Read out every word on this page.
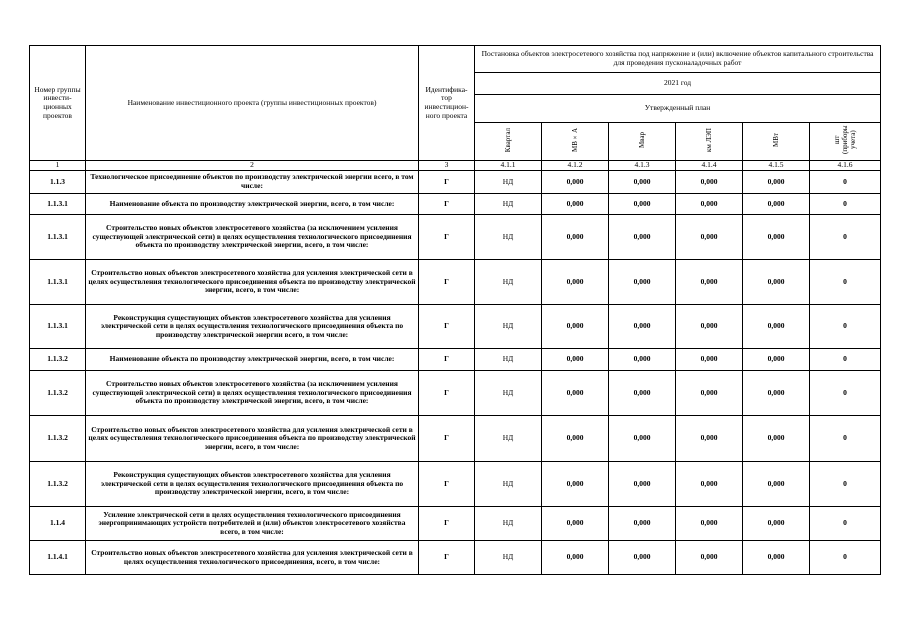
Номер группы инвести-ционных проектов	Наименование инвестиционного проекта (группы инвестиционных проектов)	Идентифика-тор инвестицион-ного проекта	Постановка объектов электросетевого хозяйства под напряжение и (или) включение объектов капитального строительства для проведения пусконаладочных работ					
			2021 год					
			Утвержденный план					
			Квартал	МВ×А	Мвар	км ЛЭП	МВт	шт (приборы учета)
1	2	3	4.1.1	4.1.2	4.1.3	4.1.4	4.1.5	4.1.6
1.1.3	Технологическое присоединение объектов по производству электрической энергии всего, в том числе:	Г	НД	0,000	0,000	0,000	0,000	0
1.1.3.1	Наименование объекта по производству электрической энергии, всего, в том числе:	Г	НД	0,000	0,000	0,000	0,000	0
1.1.3.1	Строительство новых объектов электросетевого хозяйства (за исключением усиления существующей электрической сети) в целях осуществления технологического присоединения объекта по производству электрической энергии, всего, в том числе:	Г	НД	0,000	0,000	0,000	0,000	0
1.1.3.1	Строительство новых объектов электросетевого хозяйства для усиления электрической сети в целях осуществления технологического присоединения объекта по производству электрической энергии, всего, в том числе:	Г	НД	0,000	0,000	0,000	0,000	0
1.1.3.1	Реконструкция существующих объектов электросетевого хозяйства для усиления электрической сети в целях осуществления технологического присоединения объекта по производству электрической энергии всего, в том числе:	Г	НД	0,000	0,000	0,000	0,000	0
1.1.3.2	Наименование объекта по производству электрической энергии, всего, в том числе:	Г	НД	0,000	0,000	0,000	0,000	0
1.1.3.2	Строительство новых объектов электросетевого хозяйства (за исключением усиления существующей электрической сети) в целях осуществления технологического присоединения объекта по производству электрической энергии, всего, в том числе:	Г	НД	0,000	0,000	0,000	0,000	0
1.1.3.2	Строительство новых объектов электросетевого хозяйства для усиления электрической сети в целях осуществления технологического присоединения объекта по производству электрической энергии, всего, в том числе:	Г	НД	0,000	0,000	0,000	0,000	0
1.1.3.2	Реконструкция существующих объектов электросетевого хозяйства для усиления электрической сети в целях осуществления технологического присоединения объекта по производству электрической энергии, всего, в том числе:	Г	НД	0,000	0,000	0,000	0,000	0
1.1.4	Усиление электрической сети в целях осуществления технологического присоединения энергопринимающих устройств потребителей и (или) объектов электросетевого хозяйства всего, в том числе:	Г	НД	0,000	0,000	0,000	0,000	0
1.1.4.1	Строительство новых объектов электросетевого хозяйства для усиления электрической сети в целях осуществления технологического присоединения, всего, в том числе:	Г	НД	0,000	0,000	0,000	0,000	0
